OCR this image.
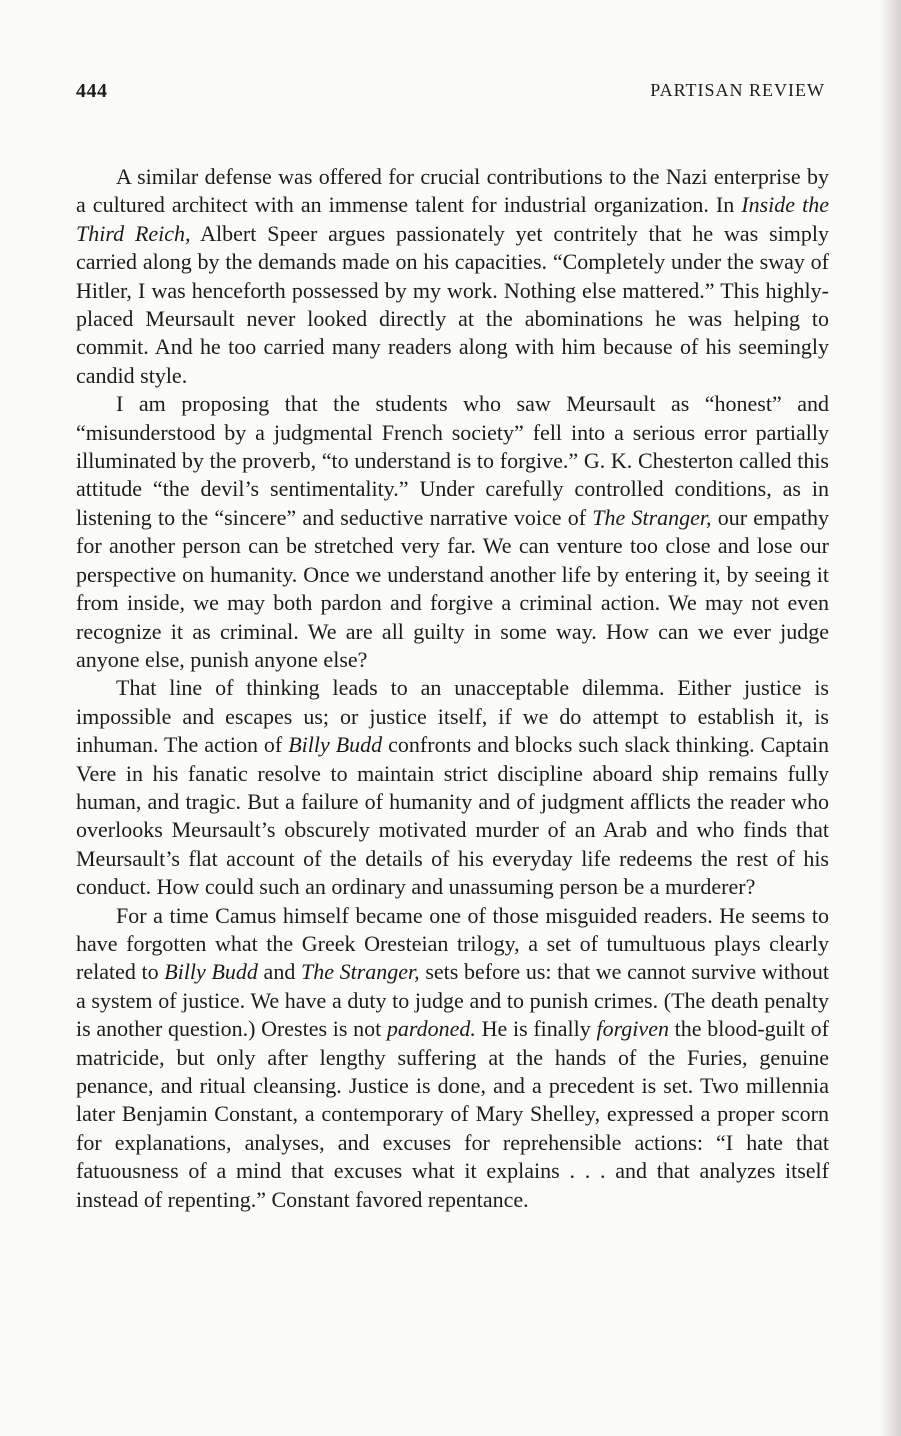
444	PARTISAN REVIEW

A similar defense was offered for crucial contributions to the Nazi enterprise by a cultured architect with an immense talent for industrial organization. In Inside the Third Reich, Albert Speer argues passionately yet contritely that he was simply carried along by the demands made on his capacities. “Completely under the sway of Hitler, I was henceforth possessed by my work. Nothing else mattered.” This highly-placed Meursault never looked directly at the abominations he was helping to commit. And he too carried many readers along with him because of his seemingly candid style.

I am proposing that the students who saw Meursault as “honest” and “misunderstood by a judgmental French society” fell into a serious error partially illuminated by the proverb, “to understand is to forgive.” G. K. Chesterton called this attitude “the devil’s sentimentality.” Under carefully controlled conditions, as in listening to the “sincere” and seductive narrative voice of The Stranger, our empathy for another person can be stretched very far. We can venture too close and lose our perspective on humanity. Once we understand another life by entering it, by seeing it from inside, we may both pardon and forgive a criminal action. We may not even recognize it as criminal. We are all guilty in some way. How can we ever judge anyone else, punish anyone else?

That line of thinking leads to an unacceptable dilemma. Either justice is impossible and escapes us; or justice itself, if we do attempt to establish it, is inhuman. The action of Billy Budd confronts and blocks such slack thinking. Captain Vere in his fanatic resolve to maintain strict discipline aboard ship remains fully human, and tragic. But a failure of humanity and of judgment afflicts the reader who overlooks Meursault’s obscurely motivated murder of an Arab and who finds that Meursault’s flat account of the details of his everyday life redeems the rest of his conduct. How could such an ordinary and unassuming person be a murderer?

For a time Camus himself became one of those misguided readers. He seems to have forgotten what the Greek Oresteian trilogy, a set of tumultuous plays clearly related to Billy Budd and The Stranger, sets before us: that we cannot survive without a system of justice. We have a duty to judge and to punish crimes. (The death penalty is another question.) Orestes is not pardoned. He is finally forgiven the blood-guilt of matricide, but only after lengthy suffering at the hands of the Furies, genuine penance, and ritual cleansing. Justice is done, and a precedent is set. Two millennia later Benjamin Constant, a contemporary of Mary Shelley, expressed a proper scorn for explanations, analyses, and excuses for reprehensible actions: “I hate that fatuousness of a mind that excuses what it explains . . . and that analyzes itself instead of repenting.” Constant favored repentance.
